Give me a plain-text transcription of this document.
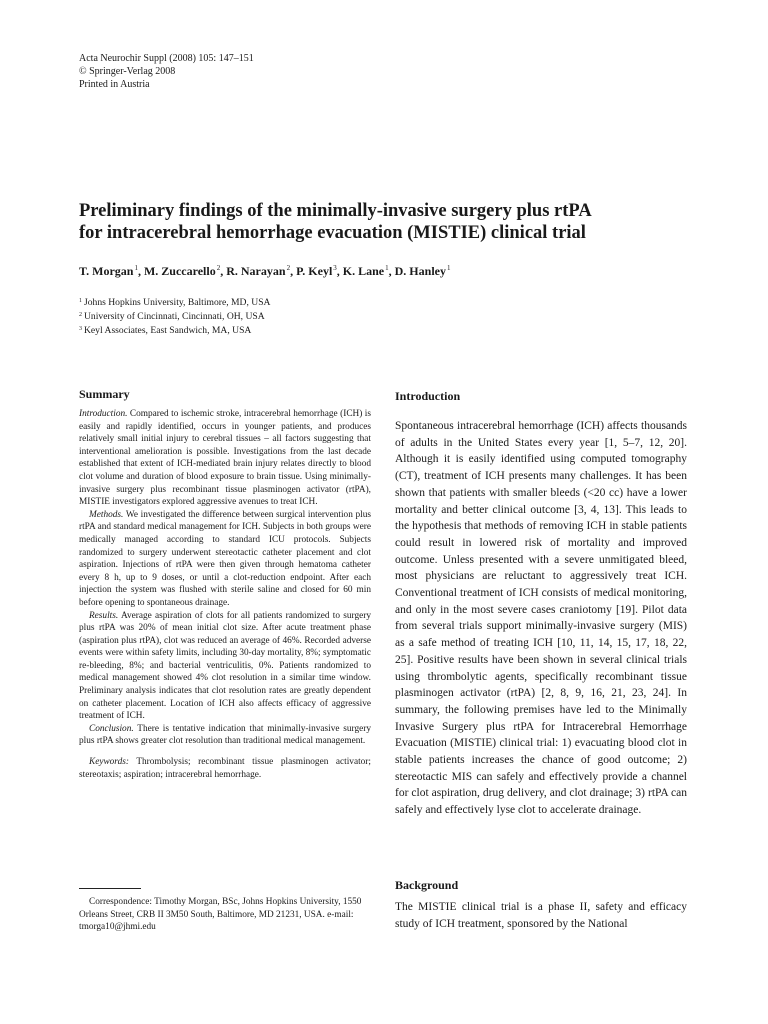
Acta Neurochir Suppl (2008) 105: 147–151
© Springer-Verlag 2008
Printed in Austria
Preliminary findings of the minimally-invasive surgery plus rtPA
for intracerebral hemorrhage evacuation (MISTIE) clinical trial
T. Morgan$^1$, M. Zuccarello$^2$, R. Narayan$^2$, P. Keyl$^3$, K. Lane$^1$, D. Hanley$^1$
$^1$ Johns Hopkins University, Baltimore, MD, USA
$^2$ University of Cincinnati, Cincinnati, OH, USA
$^3$ Keyl Associates, East Sandwich, MA, USA
Summary

Introduction. Compared to ischemic stroke, intracerebral hemorrhage (ICH) is easily and rapidly identified, occurs in younger patients, and produces relatively small initial injury to cerebral tissues – all factors suggesting that interventional amelioration is possible. Investigations from the last decade established that extent of ICH-mediated brain injury relates directly to blood clot volume and duration of blood exposure to brain tissue. Using minimally-invasive surgery plus recombinant tissue plasminogen activator (rtPA), MISTIE investigators explored aggressive avenues to treat ICH.

Methods. We investigated the difference between surgical intervention plus rtPA and standard medical management for ICH. Subjects in both groups were medically managed according to standard ICU protocols. Subjects randomized to surgery underwent stereotactic catheter placement and clot aspiration. Injections of rtPA were then given through hematoma catheter every 8 h, up to 9 doses, or until a clot-reduction endpoint. After each injection the system was flushed with sterile saline and closed for 60 min before opening to spontaneous drainage.

Results. Average aspiration of clots for all patients randomized to surgery plus rtPA was 20% of mean initial clot size. After acute treatment phase (aspiration plus rtPA), clot was reduced an average of 46%. Recorded adverse events were within safety limits, including 30-day mortality, 8%; symptomatic re-bleeding, 8%; and bacterial ventriculitis, 0%. Patients randomized to medical management showed 4% clot resolution in a similar time window. Preliminary analysis indicates that clot resolution rates are greatly dependent on catheter placement. Location of ICH also affects efficacy of aggressive treatment of ICH.

Conclusion. There is tentative indication that minimally-invasive surgery plus rtPA shows greater clot resolution than traditional medical management.

Keywords: Thrombolysis; recombinant tissue plasminogen activator; stereotaxis; aspiration; intracerebral hemorrhage.
Correspondence: Timothy Morgan, BSc, Johns Hopkins University, 1550 Orleans Street, CRB II 3M50 South, Baltimore, MD 21231, USA. e-mail: tmorga10@jhmi.edu
Introduction

Spontaneous intracerebral hemorrhage (ICH) affects thousands of adults in the United States every year [1, 5–7, 12, 20]. Although it is easily identified using computed tomography (CT), treatment of ICH presents many challenges. It has been shown that patients with smaller bleeds (<20 cc) have a lower mortality and better clinical outcome [3, 4, 13]. This leads to the hypothesis that methods of removing ICH in stable patients could result in lowered risk of mortality and improved outcome. Unless presented with a severe unmitigated bleed, most physicians are reluctant to aggressively treat ICH. Conventional treatment of ICH consists of medical monitoring, and only in the most severe cases craniotomy [19]. Pilot data from several trials support minimally-invasive surgery (MIS) as a safe method of treating ICH [10, 11, 14, 15, 17, 18, 22, 25]. Positive results have been shown in several clinical trials using thrombolytic agents, specifically recombinant tissue plasminogen activator (rtPA) [2, 8, 9, 16, 21, 23, 24]. In summary, the following premises have led to the Minimally Invasive Surgery plus rtPA for Intracerebral Hemorrhage Evacuation (MISTIE) clinical trial: 1) evacuating blood clot in stable patients increases the chance of good outcome; 2) stereotactic MIS can safely and effectively provide a channel for clot aspiration, drug delivery, and clot drainage; 3) rtPA can safely and effectively lyse clot to accelerate drainage.

Background
The MISTIE clinical trial is a phase II, safety and efficacy study of ICH treatment, sponsored by the National
